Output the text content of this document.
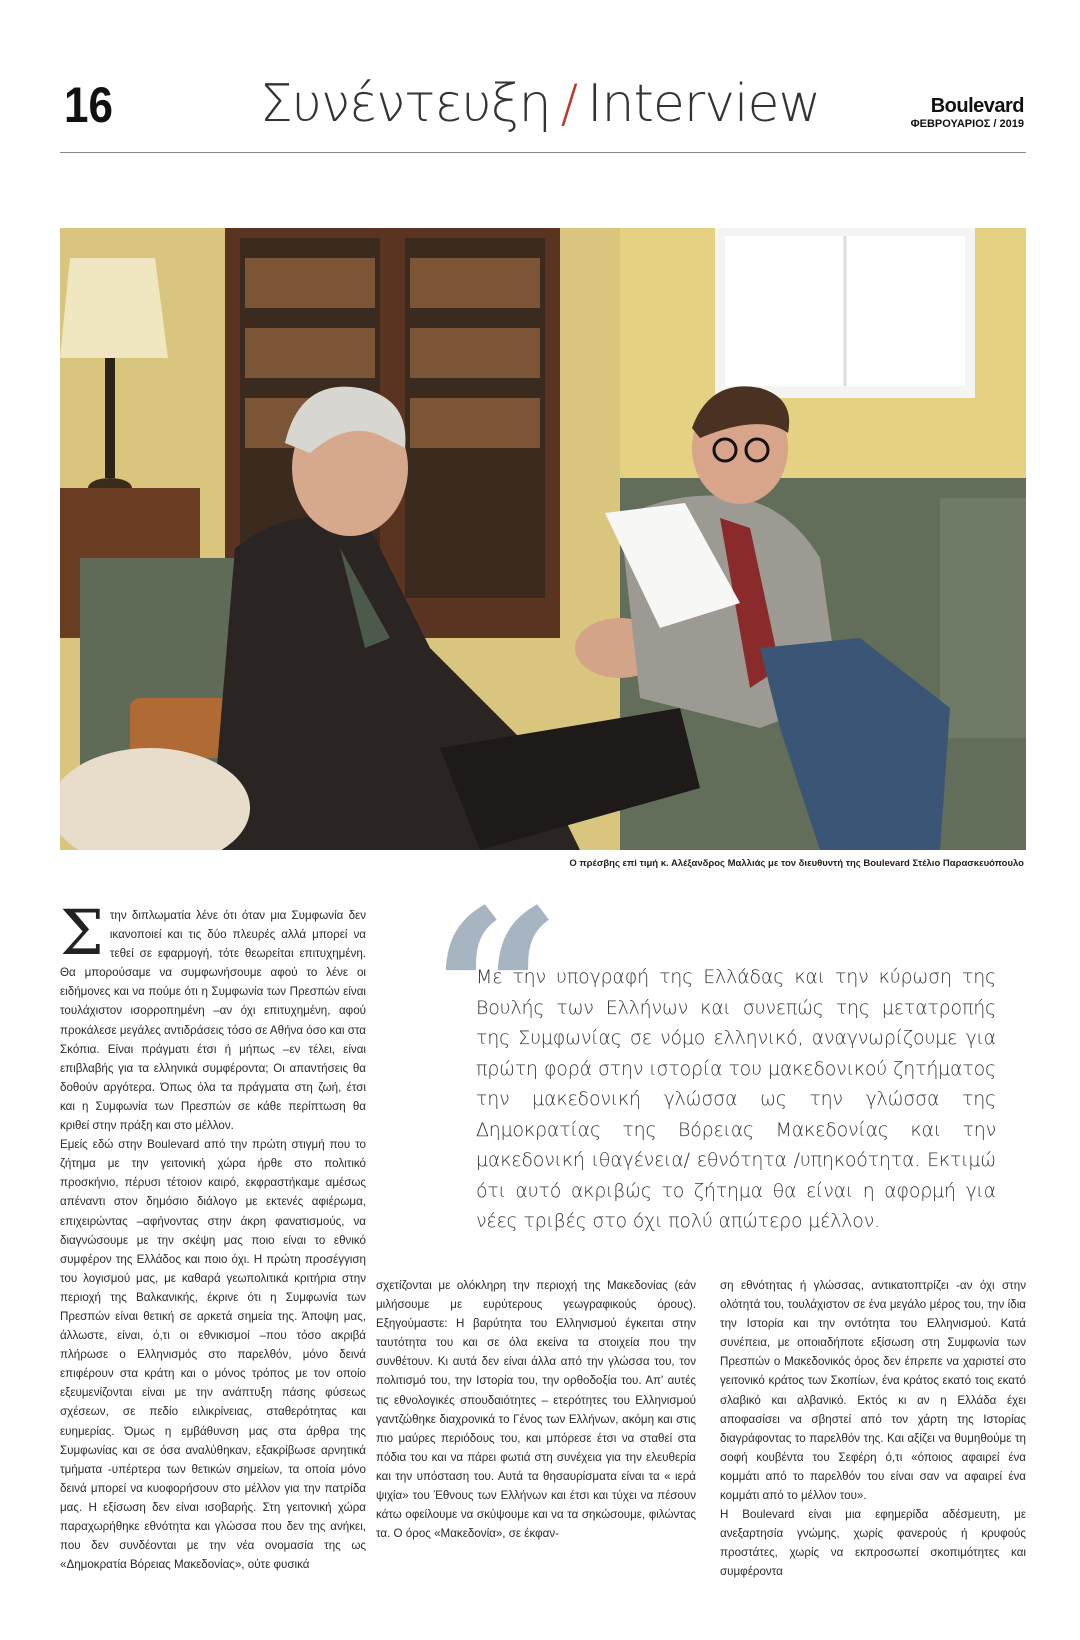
16	Συνέντευξη / Interview	Boulevard
ΦΕΒΡΟΥΑΡΙΟΣ / 2019
Ο πρέσβης επί τιμή κ. Αλέξανδρος Μαλλιάς με τον διευθυντή της Boulevard Στέλιο Παρασκευόπουλο

Στην διπλωματία λένε ότι όταν μια Συμφωνία δεν ικανοποιεί και τις δύο πλευρές αλλά μπορεί να τεθεί σε εφαρμογή, τότε θεωρείται επιτυχημένη. Θα μπορούσαμε να συμφωνήσουμε αφού το λένε οι ειδήμονες και να πούμε ότι η Συμφωνία των Πρεσπών είναι τουλάχιστον ισορροπημένη –αν όχι επιτυχημένη, αφού προκάλεσε μεγάλες αντιδράσεις τόσο σε Αθήνα όσο και στα Σκόπια. Είναι πράγματι έτσι ή μήπως –εν τέλει, είναι επιβλαβής για τα ελληνικά συμφέροντα; Οι απαντήσεις θα δοθούν αργότερα. Όπως όλα τα πράγματα στη ζωή, έτσι και η Συμφωνία των Πρεσπών σε κάθε περίπτωση θα κριθεί στην πράξη και στο μέλλον.

Εμείς εδώ στην Boulevard από την πρώτη στιγμή που το ζήτημα με την γειτονική χώρα ήρθε στο πολιτικό προσκήνιο, πέρυσι τέτοιον καιρό, εκφραστήκαμε αμέσως απέναντι στον δημόσιο διάλογο με εκτενές αφιέρωμα, επιχειρώντας –αφήνοντας στην άκρη φανατισμούς, να διαγνώσουμε με την σκέψη μας ποιο είναι το εθνικό συμφέρον της Ελλάδος και ποιο όχι. Η πρώτη προσέγγιση του λογισμού μας, με καθαρά γεωπολιτικά κριτήρια στην περιοχή της Βαλκανικής, έκρινε ότι η Συμφωνία των Πρεσπών είναι θετική σε αρκετά σημεία της. Άποψη μας, άλλωστε, είναι, ό,τι οι εθνικισμοί –που τόσο ακριβά πλήρωσε ο Ελληνισμός στο παρελθόν, μόνο δεινά επιφέρουν στα κράτη και ο μόνος τρόπος με τον οποίο εξευμενίζονται είναι με την ανάπτυξη πάσης φύσεως σχέσεων, σε πεδίο ειλικρίνειας, σταθερότητας και ευημερίας. Όμως η εμβάθυνση μας στα άρθρα της Συμφωνίας και σε όσα αναλύθηκαν, εξακρίβωσε αρνητικά τμήματα -υπέρτερα των θετικών σημείων, τα οποία μόνο δεινά μπορεί να κυοφορήσουν στο μέλλον για την πατρίδα μας. Η εξίσωση δεν είναι ισοβαρής. Στη γειτονική χώρα παραχωρήθηκε εθνότητα και γλώσσα που δεν της ανήκει, που δεν συνδέονται με την νέα ονομασία της ως «Δημοκρατία Βόρειας Μακεδονίας», ούτε φυσικά

“
Με την υπογραφή της Ελλάδας και την κύρωση της Βουλής των Ελλήνων και συνεπώς της μετατροπής της Συμφωνίας σε νόμο ελληνικό, αναγνωρίζουμε για πρώτη φορά στην ιστορία του μακεδονικού ζητήματος την μακεδονική γλώσσα ως την γλώσσα της Δημοκρατίας της Βόρειας Μακεδονίας και την μακεδονική ιθαγένεια/ εθνότητα /υπηκοότητα. Εκτιμώ ότι αυτό ακριβώς το ζήτημα θα είναι η αφορμή για νέες τριβές στο όχι πολύ απώτερο μέλλον.

σχετίζονται με ολόκληρη την περιοχή της Μακεδονίας (εάν μιλήσουμε με ευρύτερους γεωγραφικούς όρους). Εξηγούμαστε: Η βαρύτητα του Ελληνισμού έγκειται στην ταυτότητα του και σε όλα εκείνα τα στοιχεία που την συνθέτουν. Κι αυτά δεν είναι άλλα από την γλώσσα του, τον πολιτισμό του, την Ιστορία του, την ορθοδοξία του. Απ' αυτές τις εθνολογικές σπουδαιότητες – ετερότητες του Ελληνισμού γαντζώθηκε διαχρονικά το Γένος των Ελλήνων, ακόμη και στις πιο μαύρες περιόδους του, και μπόρεσε έτσι να σταθεί στα πόδια του και να πάρει φωτιά στη συνέχεια για την ελευθερία και την υπόσταση του. Αυτά τα θησαυρίσματα είναι τα « ιερά ψιχία» του Έθνους των Ελλήνων και έτσι και τύχει να πέσουν κάτω οφείλουμε να σκύψουμε και να τα σηκώσουμε, φιλώντας τα. Ο όρος «Μακεδονία», σε έκφαν-

ση εθνότητας ή γλώσσας, αντικατοπτρίζει -αν όχι στην ολότητά του, τουλάχιστον σε ένα μεγάλο μέρος του, την ίδια την Ιστορία και την οντότητα του Ελληνισμού. Κατά συνέπεια, με οποιαδήποτε εξίσωση στη Συμφωνία των Πρεσπών ο Μακεδονικός όρος δεν έπρεπε να χαριστεί στο γειτονικό κράτος των Σκοπίων, ένα κράτος εκατό τοις εκατό σλαβικό και αλβανικό. Εκτός κι αν η Ελλάδα έχει αποφασίσει να σβηστεί από τον χάρτη της Ιστορίας διαγράφοντας το παρελθόν της. Και αξίζει να θυμηθούμε τη σοφή κουβέντα του Σεφέρη ό,τι «όποιος αφαιρεί ένα κομμάτι από το παρελθόν του είναι σαν να αφαιρεί ένα κομμάτι από το μέλλον του».

Η Boulevard είναι μια εφημερίδα αδέσμευτη, με ανεξαρτησία γνώμης, χωρίς φανερούς ή κρυφούς προστάτες, χωρίς να εκπροσωπεί σκοπιμότητες και συμφέροντα
